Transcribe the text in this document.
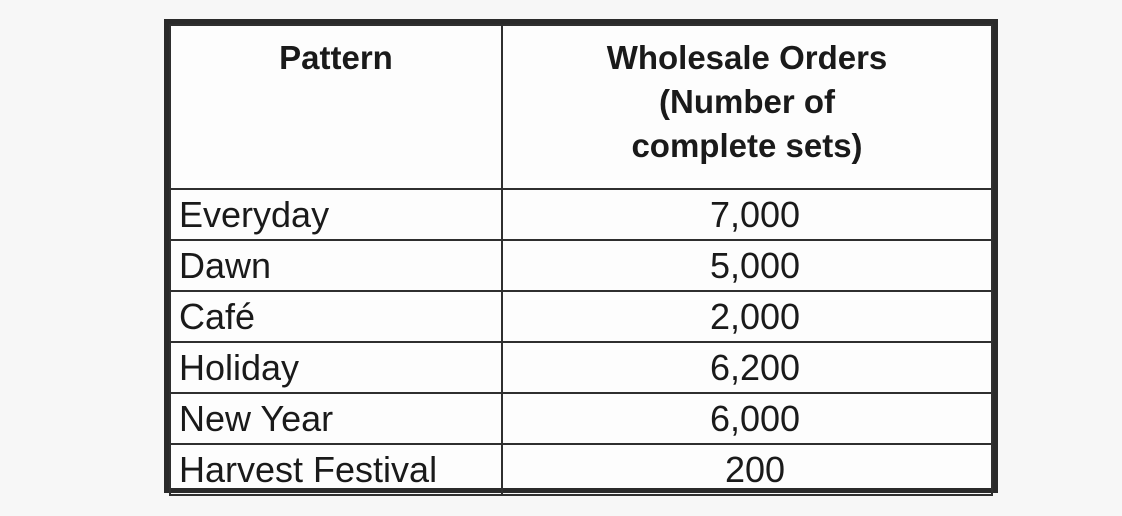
Pattern	Wholesale Orders
(Number of
complete sets)

Everyday	7,000
Dawn	5,000
Café	2,000
Holiday	6,200
New Year	6,000
Harvest Festival	200
